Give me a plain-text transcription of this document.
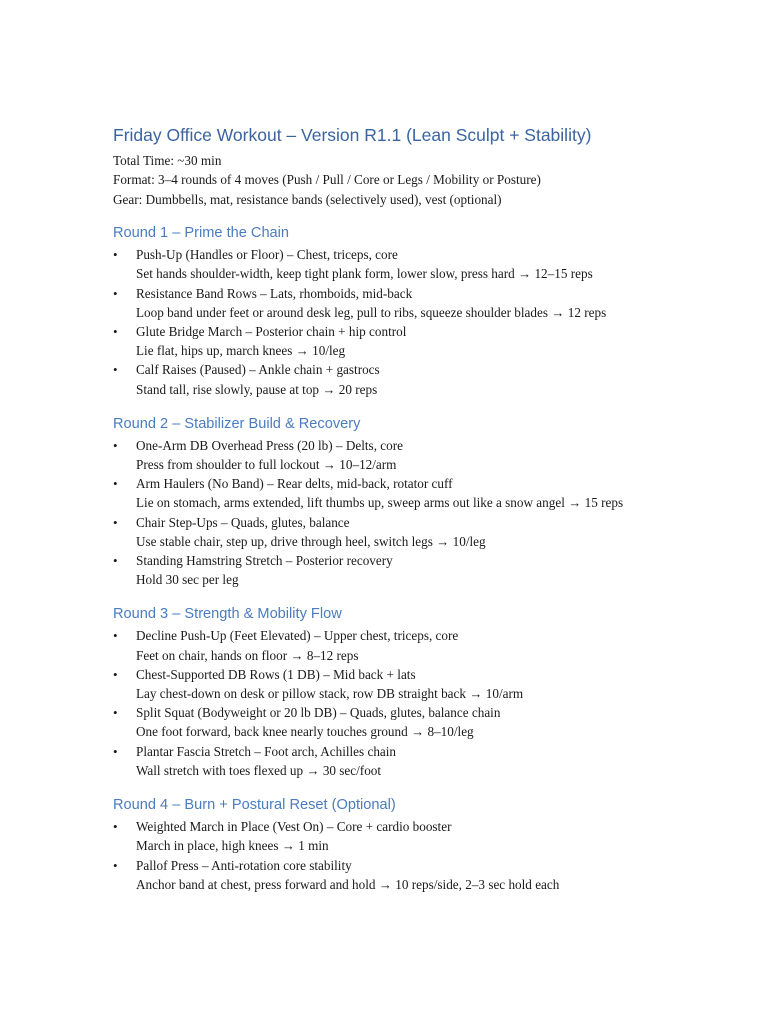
Friday Office Workout – Version R1.1 (Lean Sculpt + Stability)

Total Time: ~30 min

Format: 3–4 rounds of 4 moves (Push / Pull / Core or Legs / Mobility or Posture)

Gear: Dumbbells, mat, resistance bands (selectively used), vest (optional)

Round 1 – Prime the Chain
• Push-Up (Handles or Floor) – Chest, triceps, core
Set hands shoulder-width, keep tight plank form, lower slow, press hard → 12–15 reps
• Resistance Band Rows – Lats, rhomboids, mid-back
Loop band under feet or around desk leg, pull to ribs, squeeze shoulder blades → 12 reps
• Glute Bridge March – Posterior chain + hip control
Lie flat, hips up, march knees → 10/leg
• Calf Raises (Paused) – Ankle chain + gastrocs
Stand tall, rise slowly, pause at top → 20 reps
Round 2 – Stabilizer Build & Recovery
• One-Arm DB Overhead Press (20 lb) – Delts, core
Press from shoulder to full lockout → 10–12/arm
• Arm Haulers (No Band) – Rear delts, mid-back, rotator cuff
Lie on stomach, arms extended, lift thumbs up, sweep arms out like a snow angel → 15 reps
• Chair Step-Ups – Quads, glutes, balance
Use stable chair, step up, drive through heel, switch legs → 10/leg
• Standing Hamstring Stretch – Posterior recovery
Hold 30 sec per leg
Round 3 – Strength & Mobility Flow
• Decline Push-Up (Feet Elevated) – Upper chest, triceps, core
Feet on chair, hands on floor → 8–12 reps
• Chest-Supported DB Rows (1 DB) – Mid back + lats
Lay chest-down on desk or pillow stack, row DB straight back → 10/arm
• Split Squat (Bodyweight or 20 lb DB) – Quads, glutes, balance chain
One foot forward, back knee nearly touches ground → 8–10/leg
• Plantar Fascia Stretch – Foot arch, Achilles chain
Wall stretch with toes flexed up → 30 sec/foot
Round 4 – Burn + Postural Reset (Optional)
• Weighted March in Place (Vest On) – Core + cardio booster
March in place, high knees → 1 min
• Pallof Press – Anti-rotation core stability
Anchor band at chest, press forward and hold → 10 reps/side, 2–3 sec hold each
